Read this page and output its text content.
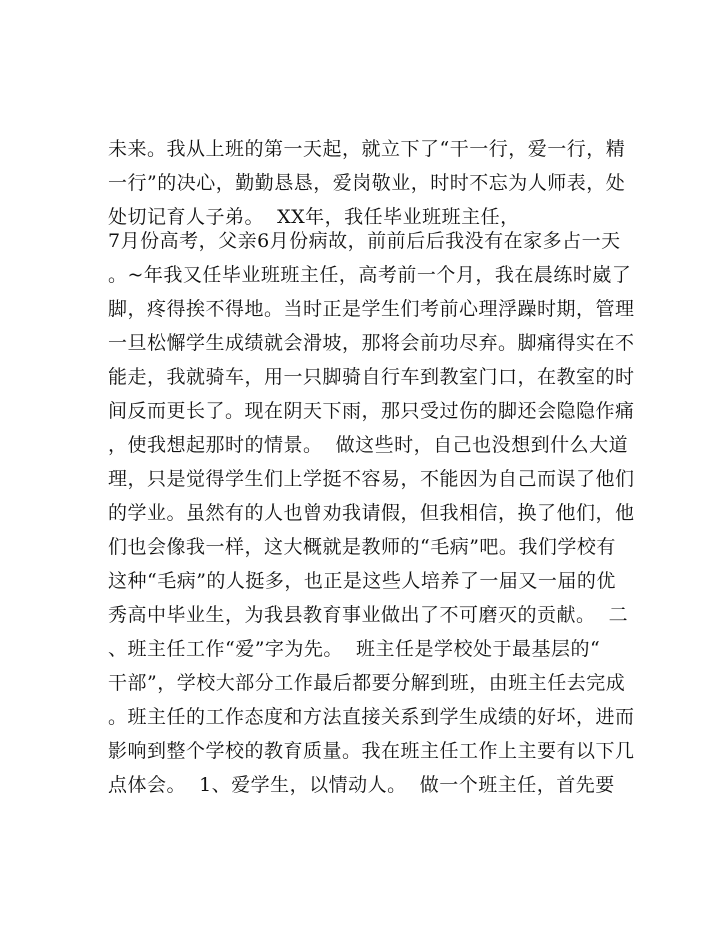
未来。我从上班的第一天起，就立下了“干一行，爱一行，精
一行”的决心，勤勤恳恳，爱岗敬业，时时不忘为人师表，处
处切记育人子弟。  XX年，我任毕业班班主任，
7月份高考，父亲6月份病故，前前后后我没有在家多占一天
。~年我又任毕业班班主任，高考前一个月，我在晨练时崴了
脚，疼得挨不得地。当时正是学生们考前心理浮躁时期，管理
一旦松懈学生成绩就会滑坡，那将会前功尽弃。脚痛得实在不
能走，我就骑车，用一只脚骑自行车到教室门口，在教室的时
间反而更长了。现在阴天下雨，那只受过伤的脚还会隐隐作痛
，使我想起那时的情景。  做这些时，自己也没想到什么大道
理，只是觉得学生们上学挺不容易，不能因为自己而误了他们
的学业。虽然有的人也曾劝我请假，但我相信，换了他们，他
们也会像我一样，这大概就是教师的“毛病”吧。我们学校有
这种“毛病”的人挺多，也正是这些人培养了一届又一届的优
秀高中毕业生，为我县教育事业做出了不可磨灭的贡献。  二
、班主任工作“爱”字为先。  班主任是学校处于最基层的“
干部”，学校大部分工作最后都要分解到班，由班主任去完成
。班主任的工作态度和方法直接关系到学生成绩的好坏，进而
影响到整个学校的教育质量。我在班主任工作上主要有以下几
点体会。  1、爱学生，以情动人。  做一个班主任，首先要
